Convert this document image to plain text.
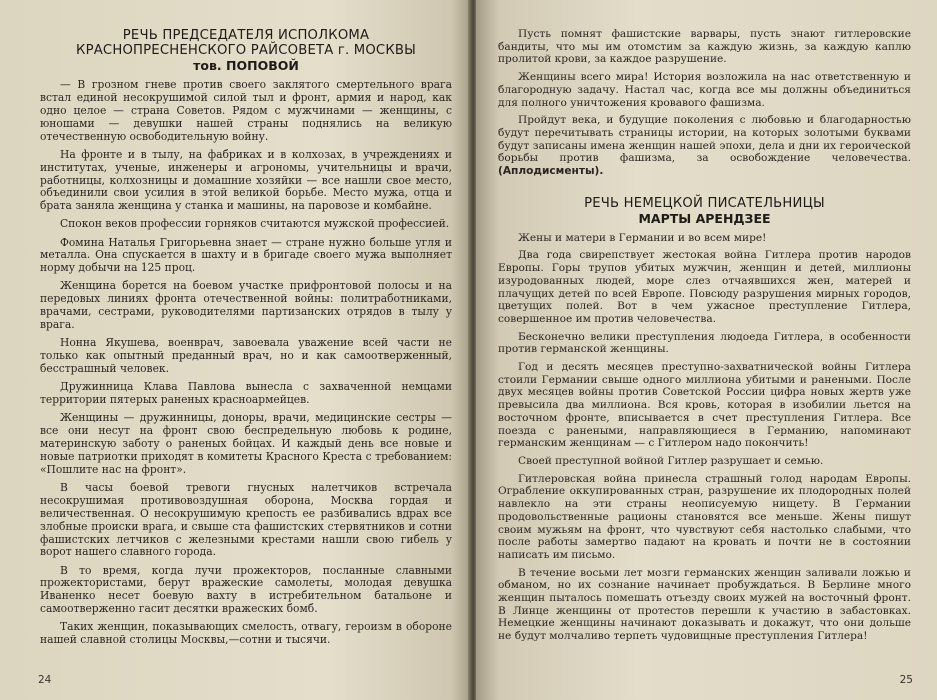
РЕЧЬ ПРЕДСЕДАТЕЛЯ ИСПОЛКОМА
КРАСНОПРЕСНЕНСКОГО РАЙСОВЕТА г. МОСКВЫ
тов. ПОПОВОЙ

— В грозном гневе против своего заклятого смертельного врага встал единой несокрушимой силой тыл и фронт, армия и народ, как одно целое — страна Советов. Рядом с мужчинами — женщины, с юношами — девушки нашей страны поднялись на великую отечественную освободительную войну.

На фронте и в тылу, на фабриках и в колхозах, в учреждениях и институтах, ученые, инженеры и агрономы, учительницы и врачи, работницы, колхозницы и домашние хозяйки — все нашли свое место, объединили свои усилия в этой великой борьбе. Место мужа, отца и брата заняла женщина у станка и машины, на паровозе и комбайне.

Спокон веков профессии горняков считаются мужской профессией.

Фомина Наталья Григорьевна знает — стране нужно больше угля и металла. Она спускается в шахту и в бригаде своего мужа выполняет норму добычи на 125 проц.

Женщина борется на боевом участке прифронтовой полосы и на передовых линиях фронта отечественной войны: политработниками, врачами, сестрами, руководителями партизанских отрядов в тылу у врага.

Нонна Якушева, военврач, завоевала уважение всей части не только как опытный преданный врач, но и как самоотверженный, бесстрашный человек.

Дружинница Клава Павлова вынесла с захваченной немцами территории пятерых раненых красноармейцев.

Женщины — дружинницы, доноры, врачи, медицинские сестры — все они несут на фронт свою беспредельную любовь к родине, материнскую заботу о раненых бойцах. И каждый день все новые и новые патриотки приходят в комитеты Красного Креста с требованием: «Пошлите нас на фронт».

В часы боевой тревоги гнусных налетчиков встречала несокрушимая противовоздушная оборона, Москва гордая и величественная. О несокрушимую крепость ее разбивались вдрах все злобные происки врага, и свыше ста фашистских стервятников и сотни фашистских летчиков с железными крестами нашли свою гибель у ворот нашего славного города.

В то время, когда лучи прожекторов, посланные славными прожектористами, берут вражеские самолеты, молодая девушка Иваненко несет боевую вахту в истребительном батальоне и самоотверженно гасит десятки вражеских бомб.

Таких женщин, показывающих смелость, отвагу, героизм в обороне нашей славной столицы Москвы,—сотни и тысячи.

24

Пусть помнят фашистские варвары, пусть знают гитлеровские бандиты, что мы им отомстим за каждую жизнь, за каждую каплю пролитой крови, за каждое разрушение.

Женщины всего мира! История возложила на нас ответственную и благородную задачу. Настал час, когда все мы должны объединиться для полного уничтожения кровавого фашизма.

Пройдут века, и будущие поколения с любовью и благодарностью будут перечитывать страницы истории, на которых золотыми буквами будут записаны имена женщин нашей эпохи, дела и дни их героической борьбы против фашизма, за освобождение человечества. (Аплодисменты).

РЕЧЬ НЕМЕЦКОЙ ПИСАТЕЛЬНИЦЫ
МАРТЫ АРЕНДЗЕЕ

Жены и матери в Германии и во всем мире!

Два года свирепствует жестокая война Гитлера против народов Европы. Горы трупов убитых мужчин, женщин и детей, миллионы изуродованных людей, море слез отчаявшихся жен, матерей и плачущих детей по всей Европе. Повсюду разрушения мирных городов, цветущих полей. Вот в чем ужасное преступление Гитлера, совершенное им против человечества.

Бесконечно велики преступления людоеда Гитлера, в особенности против германской женщины.

Год и десять месяцев преступно-захватнической войны Гитлера стоили Германии свыше одного миллиона убитыми и ранеными. После двух месяцев войны против Советской России цифра новых жертв уже превысила два миллиона. Вся кровь, которая в изобилии льется на восточном фронте, вписывается в счет преступления Гитлера. Все поезда с ранеными, направляющиеся в Германию, напоминают германским женщинам — с Гитлером надо покончить!

Своей преступной войной Гитлер разрушает и семью.

Гитлеровская война принесла страшный голод народам Европы. Ограбление оккупированных стран, разрушение их плодородных полей навлекло на эти страны неописуемую нищету. В Германии продовольственные рационы становятся все меньше. Жены пишут своим мужьям на фронт, что чувствуют себя настолько слабыми, что после работы замертво падают на кровать и почти не в состоянии написать им письмо.

В течение восьми лет мозги германских женщин заливали ложью и обманом, но их сознание начинает пробуждаться. В Берлине много женщин пыталось помешать отъезду своих мужей на восточный фронт. В Линце женщины от протестов перешли к участию в забастовках. Немецкие женщины начинают доказывать и докажут, что они дольше не будут молчаливо терпеть чудовищные преступления Гитлера!

25
